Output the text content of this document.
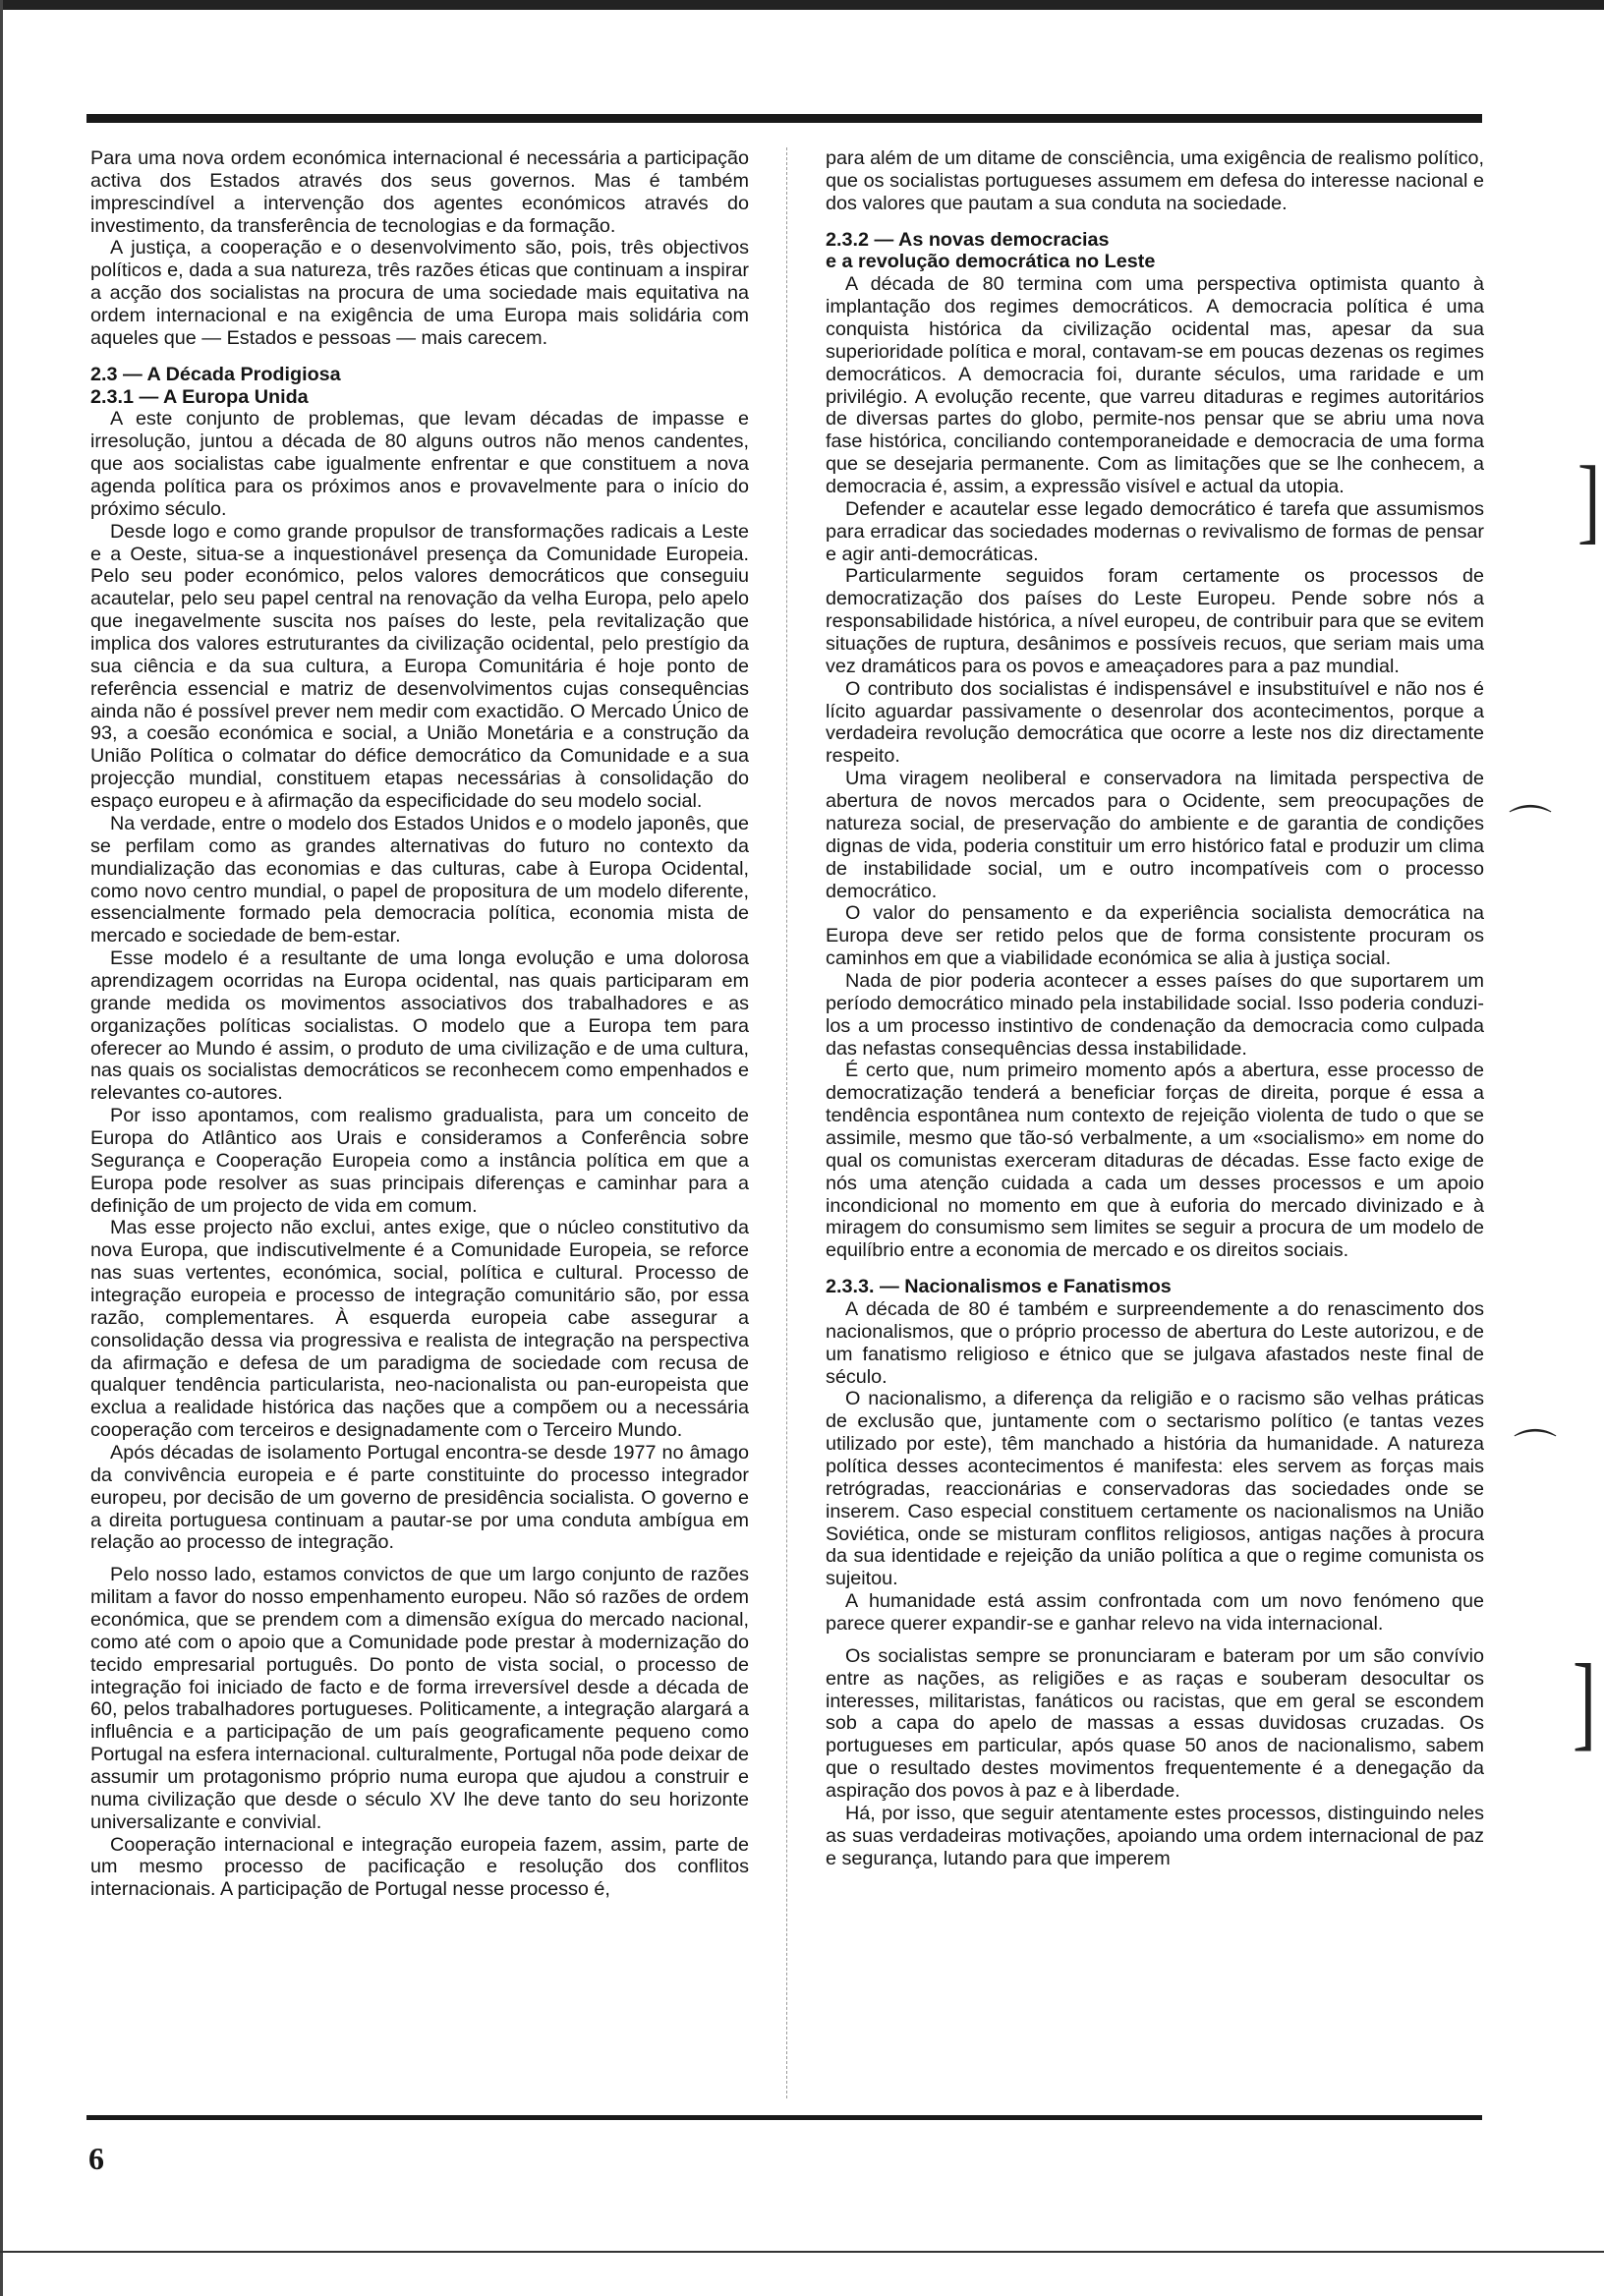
Para uma nova ordem económica internacional é necessária a participação activa dos Estados através dos seus governos. Mas é também imprescindível a intervenção dos agentes económicos através do investimento, da transferência de tecnologias e da formação.

A justiça, a cooperação e o desenvolvimento são, pois, três objectivos políticos e, dada a sua natureza, três razões éticas que continuam a inspirar a acção dos socialistas na procura de uma sociedade mais equitativa na ordem internacional e na exigência de uma Europa mais solidária com aqueles que — Estados e pessoas — mais carecem.

2.3 — A Década Prodigiosa
2.3.1 — A Europa Unida

A este conjunto de problemas, que levam décadas de impasse e irresolução, juntou a década de 80 alguns outros não menos candentes, que aos socialistas cabe igualmente enfrentar e que constituem a nova agenda política para os próximos anos e provavelmente para o início do próximo século.

Desde logo e como grande propulsor de transformações radicais a Leste e a Oeste, situa-se a inquestionável presença da Comunidade Europeia. Pelo seu poder económico, pelos valores democráticos que conseguiu acautelar, pelo seu papel central na renovação da velha Europa, pelo apelo que inegavelmente suscita nos países do leste, pela revitalização que implica dos valores estruturantes da civilização ocidental, pelo prestígio da sua ciência e da sua cultura, a Europa Comunitária é hoje ponto de referência essencial e matriz de desenvolvimentos cujas consequências ainda não é possível prever nem medir com exactidão. O Mercado Único de 93, a coesão económica e social, a União Monetária e a construção da União Política o colmatar do défice democrático da Comunidade e a sua projecção mundial, constituem etapas necessárias à consolidação do espaço europeu e à afirmação da especificidade do seu modelo social.

Na verdade, entre o modelo dos Estados Unidos e o modelo japonês, que se perfilam como as grandes alternativas do futuro no contexto da mundialização das economias e das culturas, cabe à Europa Ocidental, como novo centro mundial, o papel de propositura de um modelo diferente, essencialmente formado pela democracia política, economia mista de mercado e sociedade de bem-estar.

Esse modelo é a resultante de uma longa evolução e uma dolorosa aprendizagem ocorridas na Europa ocidental, nas quais participaram em grande medida os movimentos associativos dos trabalhadores e as organizações políticas socialistas. O modelo que a Europa tem para oferecer ao Mundo é assim, o produto de uma civilização e de uma cultura, nas quais os socialistas democráticos se reconhecem como empenhados e relevantes co-autores.

Por isso apontamos, com realismo gradualista, para um conceito de Europa do Atlântico aos Urais e consideramos a Conferência sobre Segurança e Cooperação Europeia como a instância política em que a Europa pode resolver as suas principais diferenças e caminhar para a definição de um projecto de vida em comum.

Mas esse projecto não exclui, antes exige, que o núcleo constitutivo da nova Europa, que indiscutivelmente é a Comunidade Europeia, se reforce nas suas vertentes, económica, social, política e cultural. Processo de integração europeia e processo de integração comunitário são, por essa razão, complementares. À esquerda europeia cabe assegurar a consolidação dessa via progressiva e realista de integração na perspectiva da afirmação e defesa de um paradigma de sociedade com recusa de qualquer tendência particularista, neo-nacionalista ou pan-europeista que exclua a realidade histórica das nações que a compõem ou a necessária cooperação com terceiros e designadamente com o Terceiro Mundo.

Após décadas de isolamento Portugal encontra-se desde 1977 no âmago da convivência europeia e é parte constituinte do processo integrador europeu, por decisão de um governo de presidência socialista. O governo e a direita portuguesa continuam a pautar-se por uma conduta ambígua em relação ao processo de integração.

Pelo nosso lado, estamos convictos de que um largo conjunto de razões militam a favor do nosso empenhamento europeu. Não só razões de ordem económica, que se prendem com a dimensão exígua do mercado nacional, como até com o apoio que a Comunidade pode prestar à modernização do tecido empresarial português. Do ponto de vista social, o processo de integração foi iniciado de facto e de forma irreversível desde a década de 60, pelos trabalhadores portugueses. Politicamente, a integração alargará a influência e a participação de um país geograficamente pequeno como Portugal na esfera internacional. culturalmente, Portugal nõa pode deixar de assumir um protagonismo próprio numa europa que ajudou a construir e numa civilização que desde o século XV lhe deve tanto do seu horizonte universalizante e convivial.

Cooperação internacional e integração europeia fazem, assim, parte de um mesmo processo de pacificação e resolução dos conflitos internacionais. A participação de Portugal nesse processo é,

para além de um ditame de consciência, uma exigência de realismo político, que os socialistas portugueses assumem em defesa do interesse nacional e dos valores que pautam a sua conduta na sociedade.

2.3.2 — As novas democracias
e a revolução democrática no Leste

A década de 80 termina com uma perspectiva optimista quanto à implantação dos regimes democráticos. A democracia política é uma conquista histórica da civilização ocidental mas, apesar da sua superioridade política e moral, contavam-se em poucas dezenas os regimes democráticos. A democracia foi, durante séculos, uma raridade e um privilégio. A evolução recente, que varreu ditaduras e regimes autoritários de diversas partes do globo, permite-nos pensar que se abriu uma nova fase histórica, conciliando contemporaneidade e democracia de uma forma que se desejaria permanente. Com as limitações que se lhe conhecem, a democracia é, assim, a expressão visível e actual da utopia.

Defender e acautelar esse legado democrático é tarefa que assumismos para erradicar das sociedades modernas o revivalismo de formas de pensar e agir anti-democráticas.

Particularmente seguidos foram certamente os processos de democratização dos países do Leste Europeu. Pende sobre nós a responsabilidade histórica, a nível europeu, de contribuir para que se evitem situações de ruptura, desânimos e possíveis recuos, que seriam mais uma vez dramáticos para os povos e ameaçadores para a paz mundial.

O contributo dos socialistas é indispensável e insubstituível e não nos é lícito aguardar passivamente o desenrolar dos acontecimentos, porque a verdadeira revolução democrática que ocorre a leste nos diz directamente respeito.

Uma viragem neoliberal e conservadora na limitada perspectiva de abertura de novos mercados para o Ocidente, sem preocupações de natureza social, de preservação do ambiente e de garantia de condições dignas de vida, poderia constituir um erro histórico fatal e produzir um clima de instabilidade social, um e outro incompatíveis com o processo democrático.

O valor do pensamento e da experiência socialista democrática na Europa deve ser retido pelos que de forma consistente procuram os caminhos em que a viabilidade económica se alia à justiça social.

Nada de pior poderia acontecer a esses países do que suportarem um período democrático minado pela instabilidade social. Isso poderia conduzi-los a um processo instintivo de condenação da democracia como culpada das nefastas consequências dessa instabilidade.

É certo que, num primeiro momento após a abertura, esse processo de democratização tenderá a beneficiar forças de direita, porque é essa a tendência espontânea num contexto de rejeição violenta de tudo o que se assimile, mesmo que tão-só verbalmente, a um «socialismo» em nome do qual os comunistas exerceram ditaduras de décadas. Esse facto exige de nós uma atenção cuidada a cada um desses processos e um apoio incondicional no momento em que à euforia do mercado divinizado e à miragem do consumismo sem limites se seguir a procura de um modelo de equilíbrio entre a economia de mercado e os direitos sociais.

2.3.3. — Nacionalismos e Fanatismos

A década de 80 é também e surpreendemente a do renascimento dos nacionalismos, que o próprio processo de abertura do Leste autorizou, e de um fanatismo religioso e étnico que se julgava afastados neste final de século.

O nacionalismo, a diferença da religião e o racismo são velhas práticas de exclusão que, juntamente com o sectarismo político (e tantas vezes utilizado por este), têm manchado a história da humanidade. A natureza política desses acontecimentos é manifesta: eles servem as forças mais retrógradas, reaccionárias e conservadoras das sociedades onde se inserem. Caso especial constituem certamente os nacionalismos na União Soviética, onde se misturam conflitos religiosos, antigas nações à procura da sua identidade e rejeição da união política a que o regime comunista os sujeitou.

A humanidade está assim confrontada com um novo fenómeno que parece querer expandir-se e ganhar relevo na vida internacional.

Os socialistas sempre se pronunciaram e bateram por um são convívio entre as nações, as religiões e as raças e souberam desocultar os interesses, militaristas, fanáticos ou racistas, que em geral se escondem sob a capa do apelo de massas a essas duvidosas cruzadas. Os portugueses em particular, após quase 50 anos de nacionalismo, sabem que o resultado destes movimentos frequentemente é a denegação da aspiração dos povos à paz e à liberdade.

Há, por isso, que seguir atentamente estes processos, distinguindo neles as suas verdadeiras motivações, apoiando uma ordem internacional de paz e segurança, lutando para que imperem

6
]
⌒
⌒
]
